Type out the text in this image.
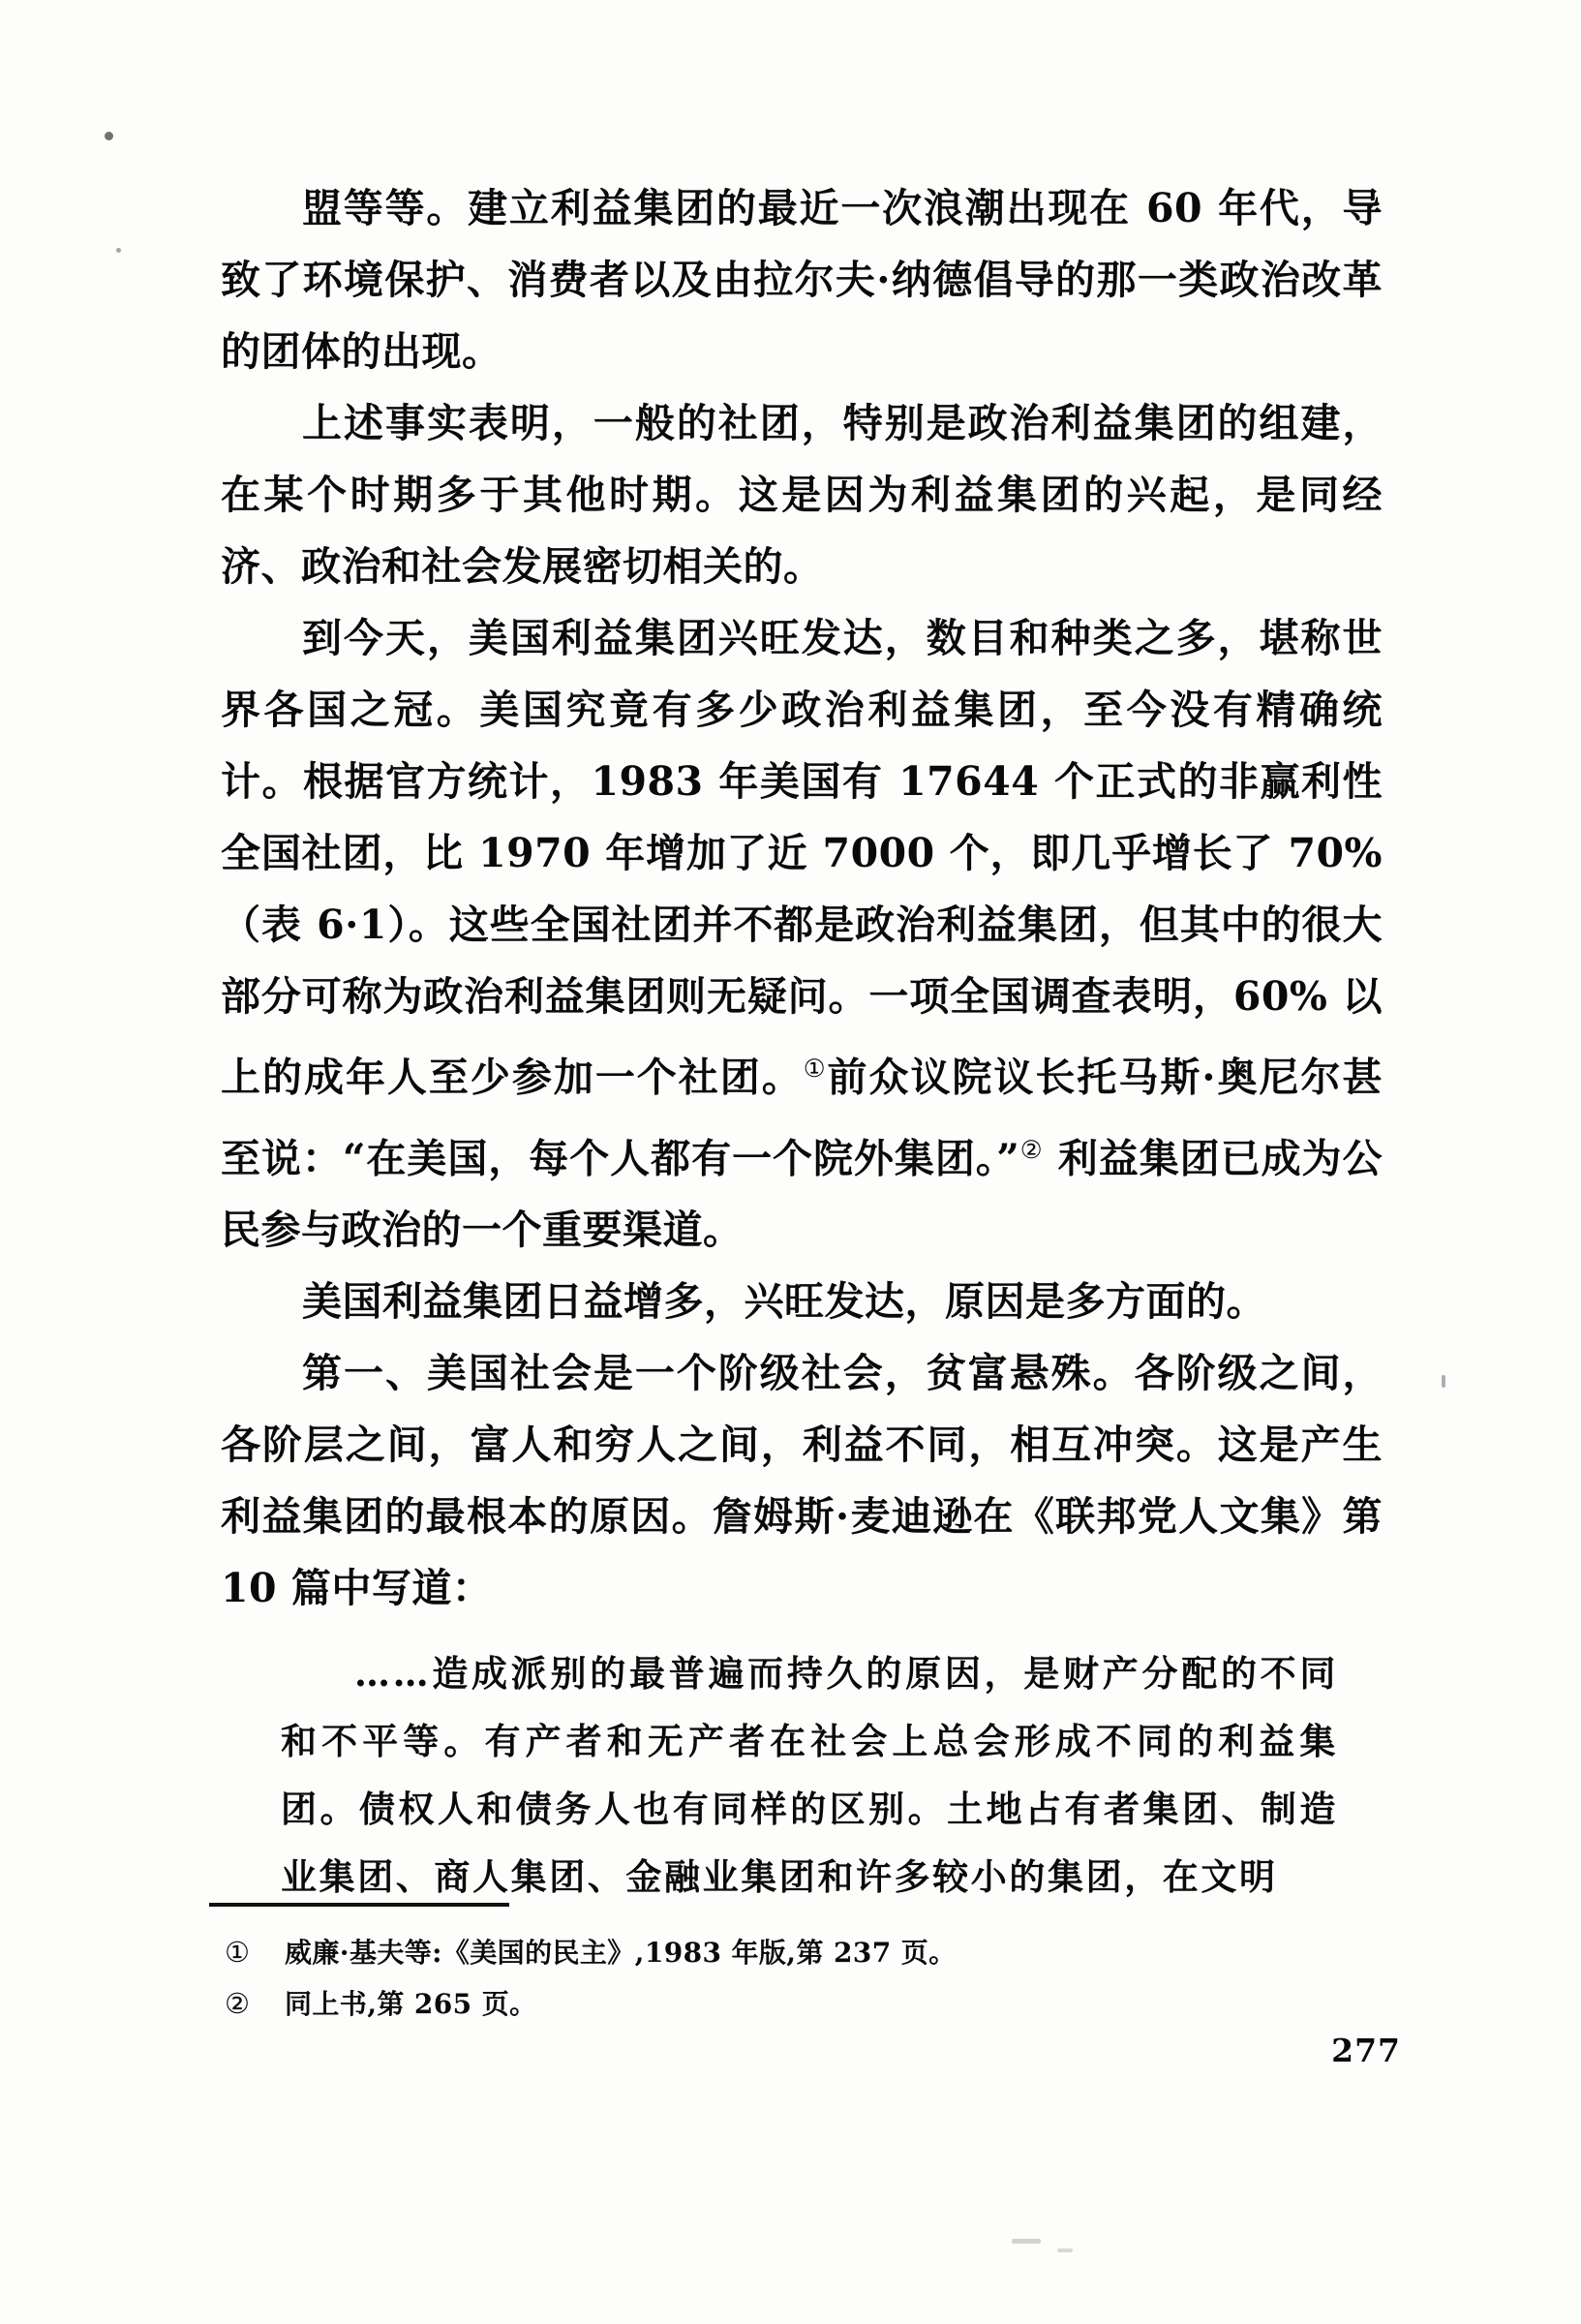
盟等等。建立利益集团的最近一次浪潮出现在 60 年代，导致了环境保护、消费者以及由拉尔夫·纳德倡导的那一类政治改革的团体的出现。

上述事实表明，一般的社团，特别是政治利益集团的组建，在某个时期多于其他时期。这是因为利益集团的兴起，是同经济、政治和社会发展密切相关的。

到今天，美国利益集团兴旺发达，数目和种类之多，堪称世界各国之冠。美国究竟有多少政治利益集团，至今没有精确统计。根据官方统计，1983 年美国有 17644 个正式的非赢利性全国社团，比 1970 年增加了近 7000 个，即几乎增长了 70%（表 6·1）。这些全国社团并不都是政治利益集团，但其中的很大部分可称为政治利益集团则无疑问。一项全国调查表明，60% 以上的成年人至少参加一个社团。①前众议院议长托马斯·奥尼尔甚至说：“在美国，每个人都有一个院外集团。”② 利益集团已成为公民参与政治的一个重要渠道。

美国利益集团日益增多，兴旺发达，原因是多方面的。

第一、美国社会是一个阶级社会，贫富悬殊。各阶级之间，各阶层之间，富人和穷人之间，利益不同，相互冲突。这是产生利益集团的最根本的原因。詹姆斯·麦迪逊在《联邦党人文集》第 10 篇中写道：

……造成派别的最普遍而持久的原因，是财产分配的不同和不平等。有产者和无产者在社会上总会形成不同的利益集团。债权人和债务人也有同样的区别。土地占有者集团、制造业集团、商人集团、金融业集团和许多较小的集团，在文明
①	威廉·基夫等:《美国的民主》,1983 年版,第 237 页。
②	同上书,第 265 页。
277
